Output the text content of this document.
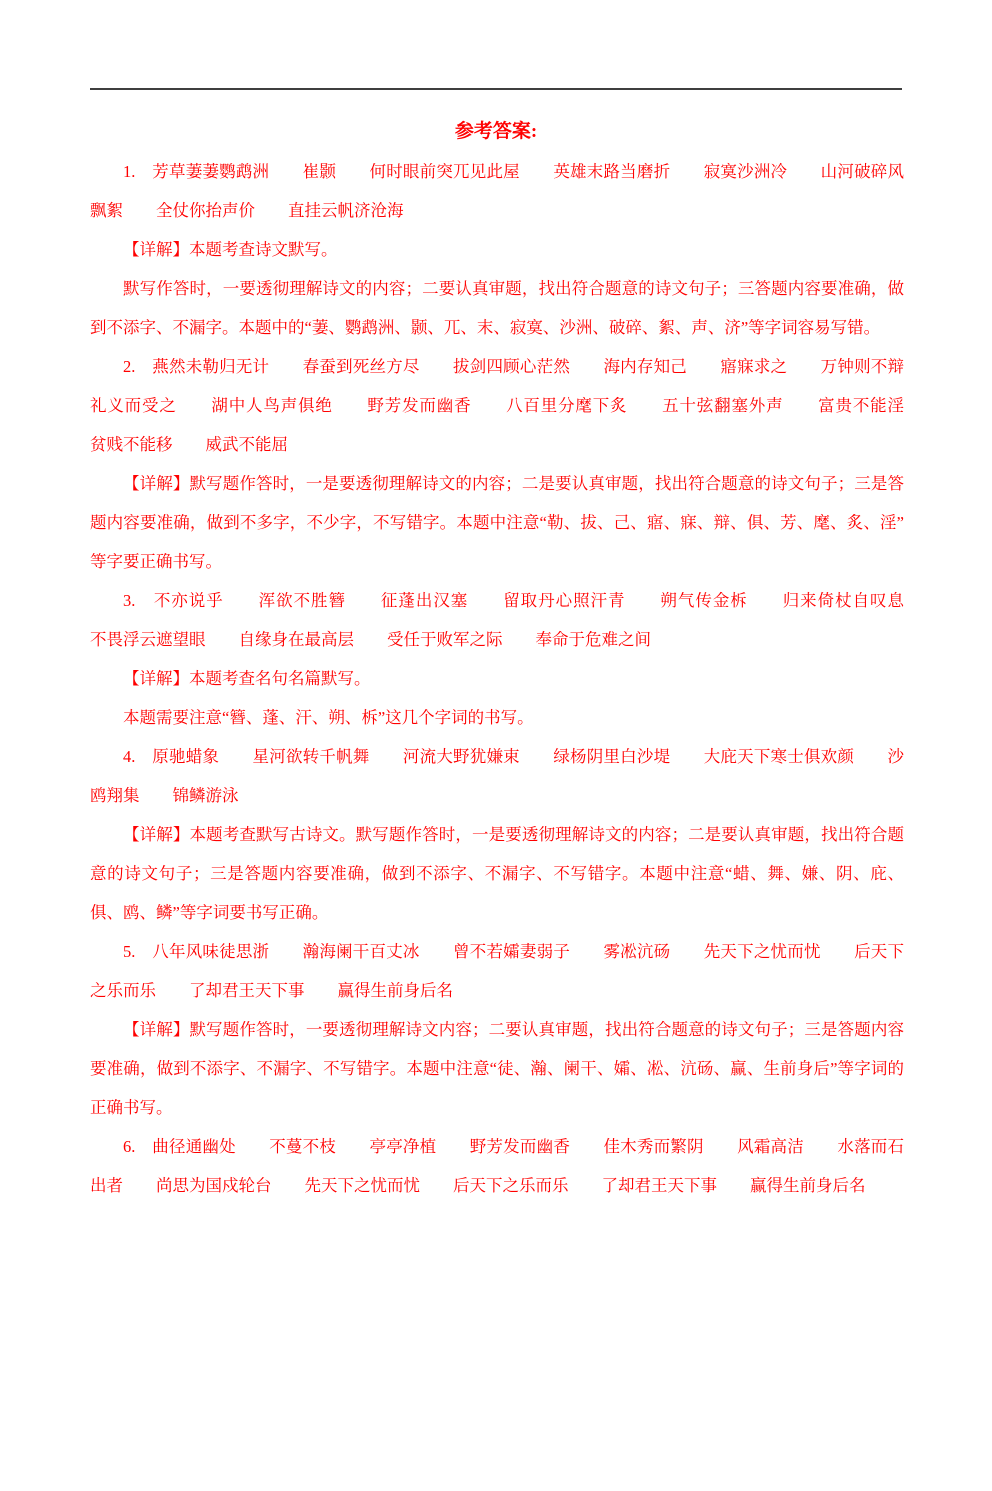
参考答案:

1.　芳草萋萋鹦鹉洲　　崔颢　　何时眼前突兀见此屋　　英雄末路当磨折　　寂寞沙洲冷　　山河破碎风飘絮　　全仗你抬声价　　直挂云帆济沧海

【详解】本题考查诗文默写。

默写作答时，一要透彻理解诗文的内容；二要认真审题，找出符合题意的诗文句子；三答题内容要准确，做到不添字、不漏字。本题中的“萋、鹦鹉洲、颢、兀、末、寂寞、沙洲、破碎、絮、声、济”等字词容易写错。

2.　燕然未勒归无计　　春蚕到死丝方尽　　拔剑四顾心茫然　　海内存知己　　寤寐求之　　万钟则不辩礼义而受之　　湖中人鸟声俱绝　　野芳发而幽香　　八百里分麾下炙　　五十弦翻塞外声　　富贵不能淫　　贫贱不能移　　威武不能屈

【详解】默写题作答时，一是要透彻理解诗文的内容；二是要认真审题，找出符合题意的诗文句子；三是答题内容要准确，做到不多字，不少字，不写错字。本题中注意“勒、拔、己、寤、寐、辩、俱、芳、麾、炙、淫”等字要正确书写。

3.　不亦说乎　　浑欲不胜簪　　征蓬出汉塞　　留取丹心照汗青　　朔气传金柝　　归来倚杖自叹息　　不畏浮云遮望眼　　自缘身在最高层　　受任于败军之际　　奉命于危难之间

【详解】本题考查名句名篇默写。

本题需要注意“簪、蓬、汗、朔、柝”这几个字词的书写。

4.　原驰蜡象　　星河欲转千帆舞　　河流大野犹嫌束　　绿杨阴里白沙堤　　大庇天下寒士俱欢颜　　沙鸥翔集　　锦鳞游泳

【详解】本题考查默写古诗文。默写题作答时，一是要透彻理解诗文的内容；二是要认真审题，找出符合题意的诗文句子；三是答题内容要准确，做到不添字、不漏字、不写错字。本题中注意“蜡、舞、嫌、阴、庇、俱、鸥、鳞”等字词要书写正确。

5.　八年风味徒思浙　　瀚海阑干百丈冰　　曾不若孀妻弱子　　雾凇沆砀　　先天下之忧而忧　　后天下之乐而乐　　了却君王天下事　　赢得生前身后名

【详解】默写题作答时，一要透彻理解诗文内容；二要认真审题，找出符合题意的诗文句子；三是答题内容要准确，做到不添字、不漏字、不写错字。本题中注意“徒、瀚、阑干、孀、凇、沆砀、赢、生前身后”等字词的正确书写。

6.　曲径通幽处　　不蔓不枝　　亭亭净植　　野芳发而幽香　　佳木秀而繁阴　　风霜高洁　　水落而石出者　　尚思为国戍轮台　　先天下之忧而忧　　后天下之乐而乐　　了却君王天下事　　赢得生前身后名
